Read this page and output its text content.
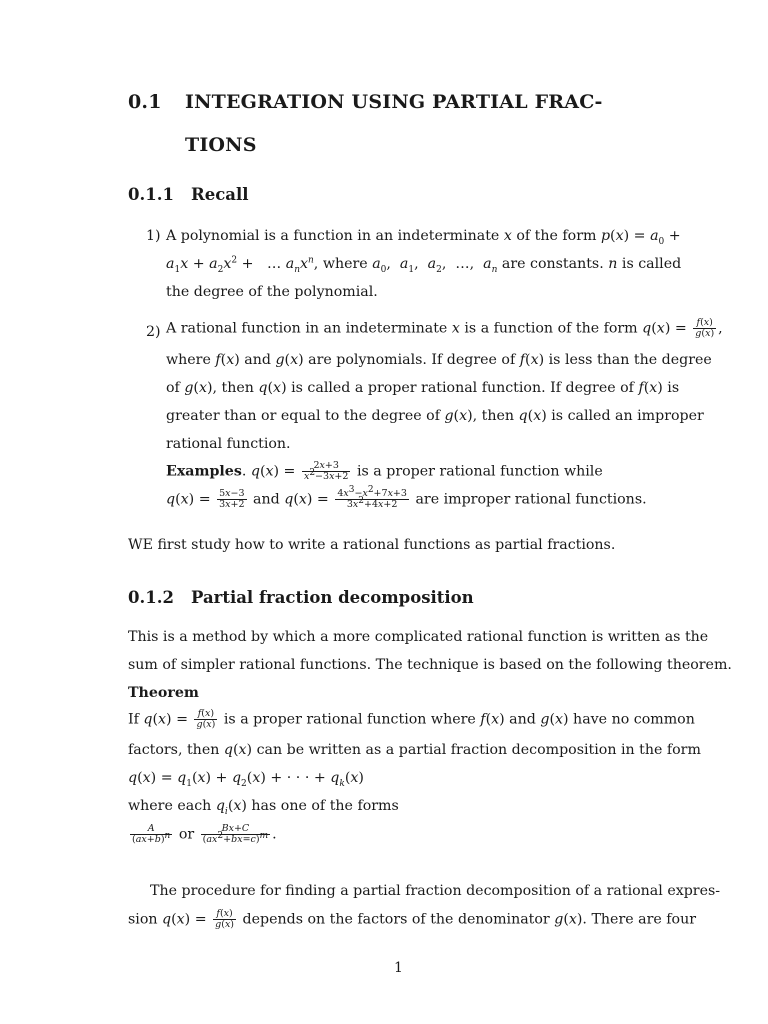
0.1 INTEGRATION USING PARTIAL FRAC-
TIONS
0.1.1 Recall
1) A polynomial is a function in an indeterminate x of the form $p(x) = a_0$ +
$a_1x + a_2x^2$ +   … $a_nx^n$, where $a_0$,  $a_1$,  $a_2$,  …,  $a_n$ are constants. n is called
the degree of the polynomial.
2) A rational function in an indeterminate x is a function of the form $q(x) = \frac{f(x)}{g(x)}$ ,
where f(x) and g(x) are polynomials. If degree of f(x) is less than the degree
of g(x), then q(x) is called a proper rational function. If degree of f(x) is
greater than or equal to the degree of g(x), then q(x) is called an improper
rational function.
Examples. $q(x) = \frac{2x+3}{x^2-3x+2}$ is a proper rational function while
$q(x) = \frac{5x-3}{3x+2}$ and $q(x) = \frac{4x^3-x^2+7x+3}{3x^2+4x+2}$ are improper rational functions.
WE first study how to write a rational functions as partial fractions.
0.1.2 Partial fraction decomposition
This is a method by which a more complicated rational function is written as the
sum of simpler rational functions. The technique is based on the following theorem.
Theorem
If $q(x) = \frac{f(x)}{g(x)}$ is a proper rational function where f(x) and g(x) have no common
factors, then q(x) can be written as a partial fraction decomposition in the form
$q(x) = q_1(x) + q_2(x)$ + · · · + $q_k(x)$
where each $q_i(x)$ has one of the forms
$\frac{A}{(ax+b)^n}$ or $\frac{Bx+C}{(ax^2+bx=c)^m}$ .
The procedure for finding a partial fraction decomposition of a rational expres-
sion $q(x) = \frac{f(x)}{g(x)}$ depends on the factors of the denominator g(x). There are four
1
